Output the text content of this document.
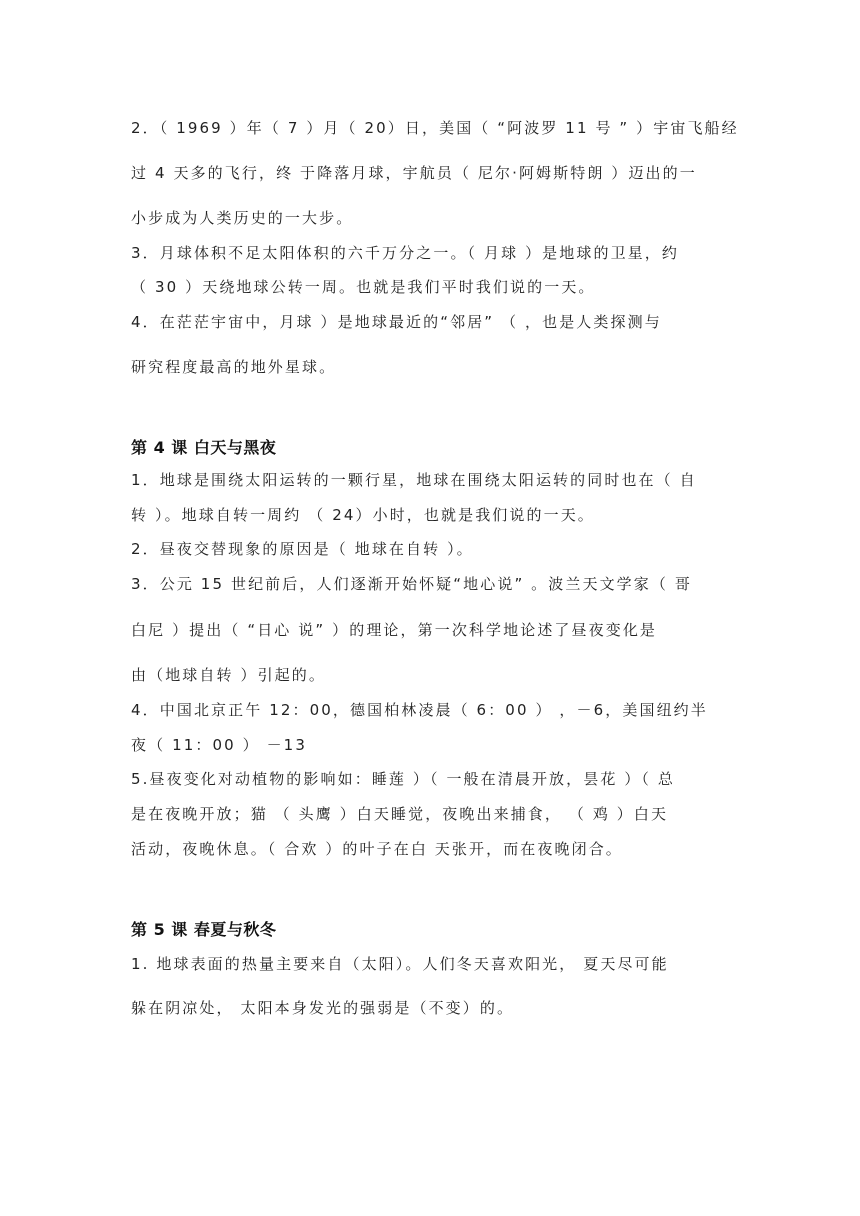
2．（ 1969 ）年（ 7 ）月（ 20）日，美国（ “阿波罗 11 号 ” ）宇宙飞船经

过 4 天多的飞行，终 于降落月球，宇航员（ 尼尔·阿姆斯特朗 ）迈出的一

小步成为人类历史的一大步。

3．月球体积不足太阳体积的六千万分之一。（ 月球 ）是地球的卫星，约

（ 30 ）天绕地球公转一周。也就是我们平时我们说的一天。

4．在茫茫宇宙中，月球 ）是地球最近的“邻居” （ ，也是人类探测与

研究程度最高的地外星球。

第 4 课 白天与黑夜

1．地球是围绕太阳运转的一颗行星，地球在围绕太阳运转的同时也在（ 自

转 ）。地球自转一周约 （ 24）小时，也就是我们说的一天。

2．昼夜交替现象的原因是（ 地球在自转 ）。

3．公元 15 世纪前后，人们逐渐开始怀疑“地心说” 。波兰天文学家（ 哥

白尼 ）提出（ “日心 说” ）的理论，第一次科学地论述了昼夜变化是

由（地球自转 ）引起的。

4．中国北京正午 12：00，德国柏林凌晨（ 6：00 ） ，－6，美国纽约半

夜（ 11：00 ） －13

5.昼夜变化对动植物的影响如：睡莲 ）（ 一般在清晨开放，昙花 ）（ 总

是在夜晚开放；猫 （ 头鹰 ）白天睡觉，夜晚出来捕食， （ 鸡 ）白天

活动，夜晚休息。（ 合欢 ）的叶子在白 天张开，而在夜晚闭合。

第 5 课 春夏与秋冬

1. 地球表面的热量主要来自（太阳）。人们冬天喜欢阳光， 夏天尽可能

躲在阴凉处， 太阳本身发光的强弱是（不变）的。
